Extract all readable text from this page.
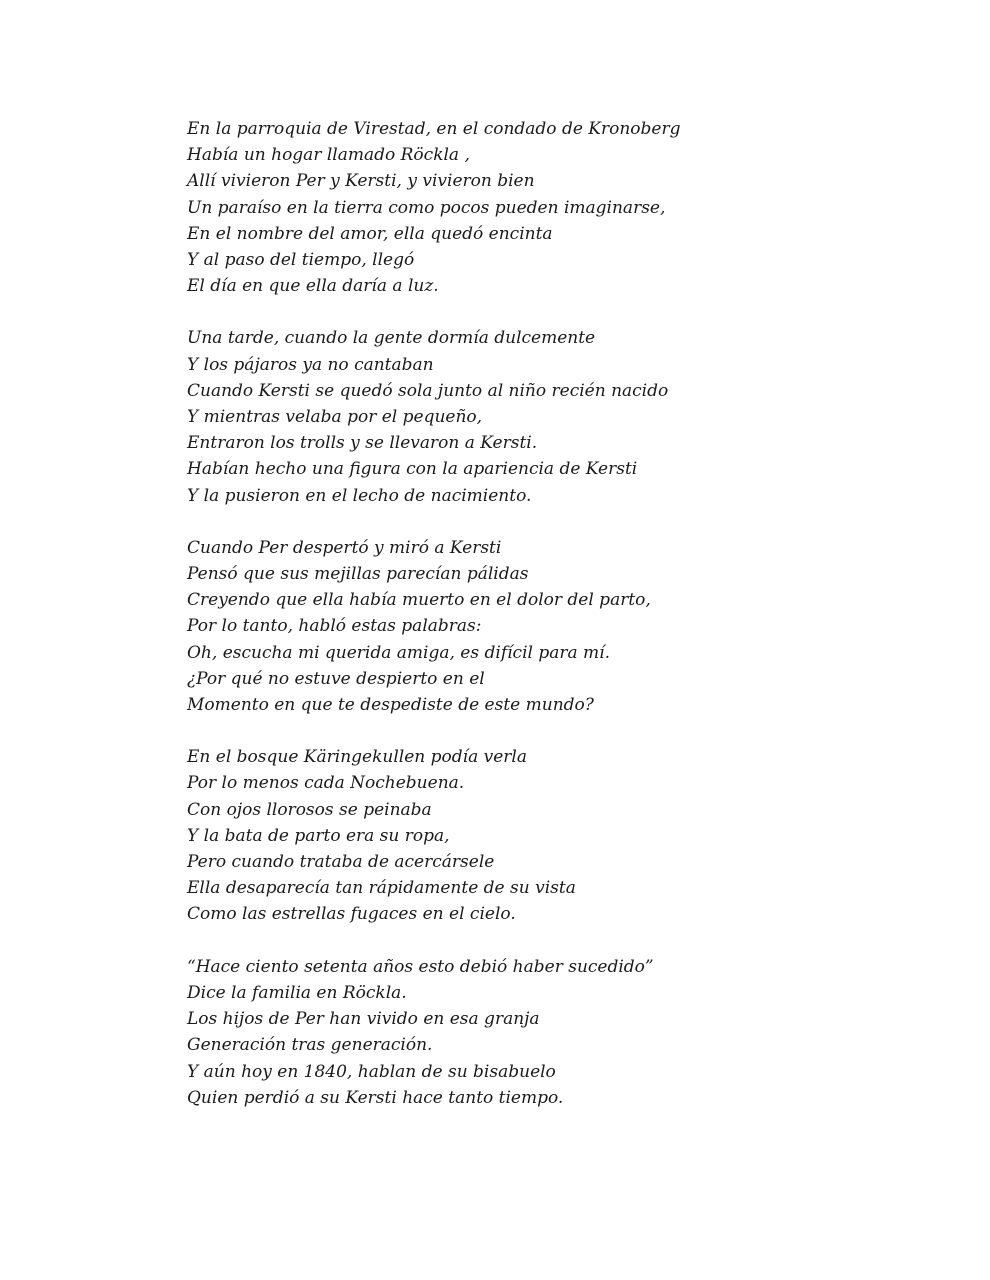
En la parroquia de Virestad, en el condado de Kronoberg
Había un hogar llamado Röckla ,
Allí vivieron Per y Kersti, y vivieron bien
Un paraíso en la tierra como pocos pueden imaginarse,
En el nombre del amor, ella quedó encinta
Y al paso del tiempo, llegó
El día en que ella daría a luz.
Una tarde, cuando la gente dormía dulcemente
Y los pájaros ya no cantaban
Cuando Kersti se quedó sola junto al niño recién nacido
Y mientras velaba por el pequeño,
Entraron los trolls y se llevaron a Kersti.
Habían hecho una figura con la apariencia de Kersti
Y la pusieron en el lecho de nacimiento.
Cuando Per despertó y miró a Kersti
Pensó que sus mejillas parecían pálidas
Creyendo que ella había muerto en el dolor del parto,
Por lo tanto, habló estas palabras:
Oh, escucha mi querida amiga, es difícil para mí.
¿Por qué no estuve despierto en el
Momento en que te despediste de este mundo?
En el bosque Käringekullen podía verla
Por lo menos cada Nochebuena.
Con ojos llorosos se peinaba
Y la bata de parto era su ropa,
Pero cuando trataba de acercársele
Ella desaparecía tan rápidamente de su vista
Como las estrellas fugaces en el cielo.
“Hace ciento setenta años esto debió haber sucedido”
Dice la familia en Röckla.
Los hijos de Per han vivido en esa granja
Generación tras generación.
Y aún hoy en 1840, hablan de su bisabuelo
Quien perdió a su Kersti hace tanto tiempo.
